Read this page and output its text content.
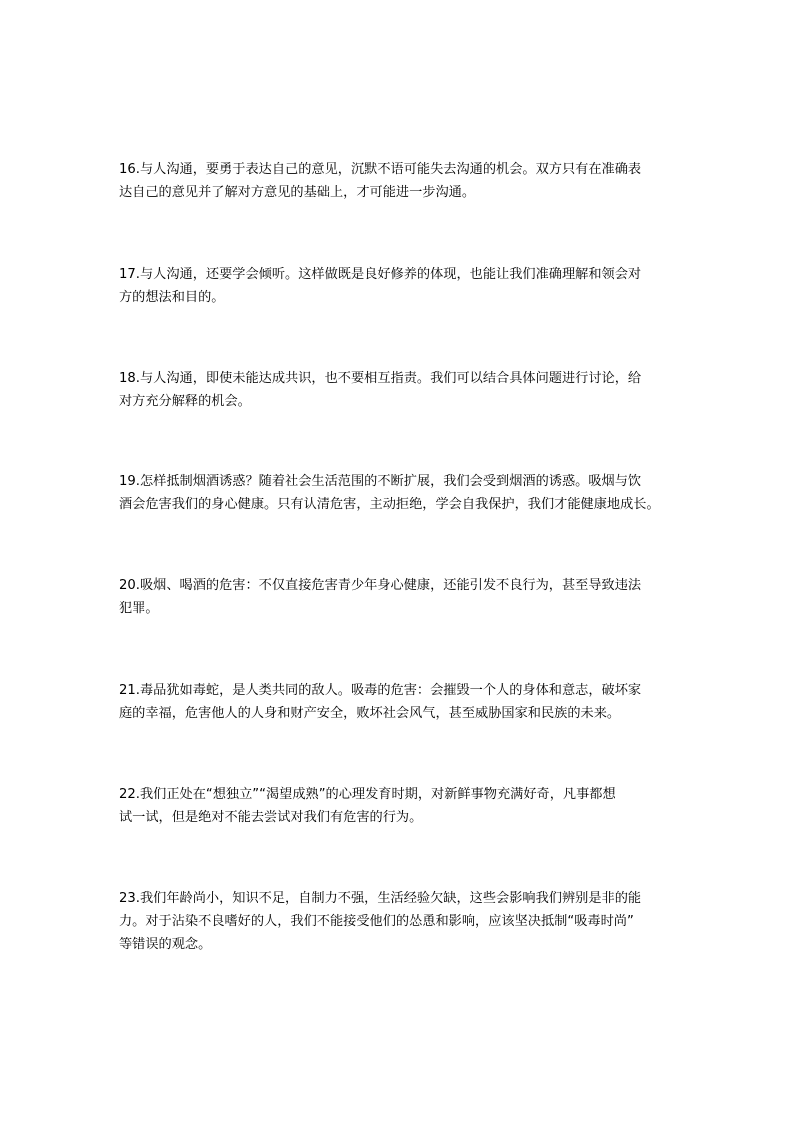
16.与人沟通，要勇于表达自己的意见，沉默不语可能失去沟通的机会。双方只有在准确表
达自己的意见并了解对方意见的基础上，才可能进一步沟通。

17.与人沟通，还要学会倾听。这样做既是良好修养的体现，也能让我们准确理解和领会对
方的想法和目的。

18.与人沟通，即使未能达成共识，也不要相互指责。我们可以结合具体问题进行讨论，给
对方充分解释的机会。

19.怎样抵制烟酒诱惑？随着社会生活范围的不断扩展，我们会受到烟酒的诱惑。吸烟与饮
酒会危害我们的身心健康。只有认清危害，主动拒绝，学会自我保护，我们才能健康地成长。

20.吸烟、喝酒的危害：不仅直接危害青少年身心健康，还能引发不良行为，甚至导致违法
犯罪。

21.毒品犹如毒蛇，是人类共同的敌人。吸毒的危害：会摧毁一个人的身体和意志，破坏家
庭的幸福，危害他人的人身和财产安全，败坏社会风气，甚至威胁国家和民族的未来。

22.我们正处在“想独立”“渴望成熟”的心理发育时期，对新鲜事物充满好奇，凡事都想
试一试，但是绝对不能去尝试对我们有危害的行为。

23.我们年龄尚小，知识不足，自制力不强，生活经验欠缺，这些会影响我们辨别是非的能
力。对于沾染不良嗜好的人，我们不能接受他们的怂恿和影响，应该坚决抵制“吸毒时尚”
等错误的观念。
